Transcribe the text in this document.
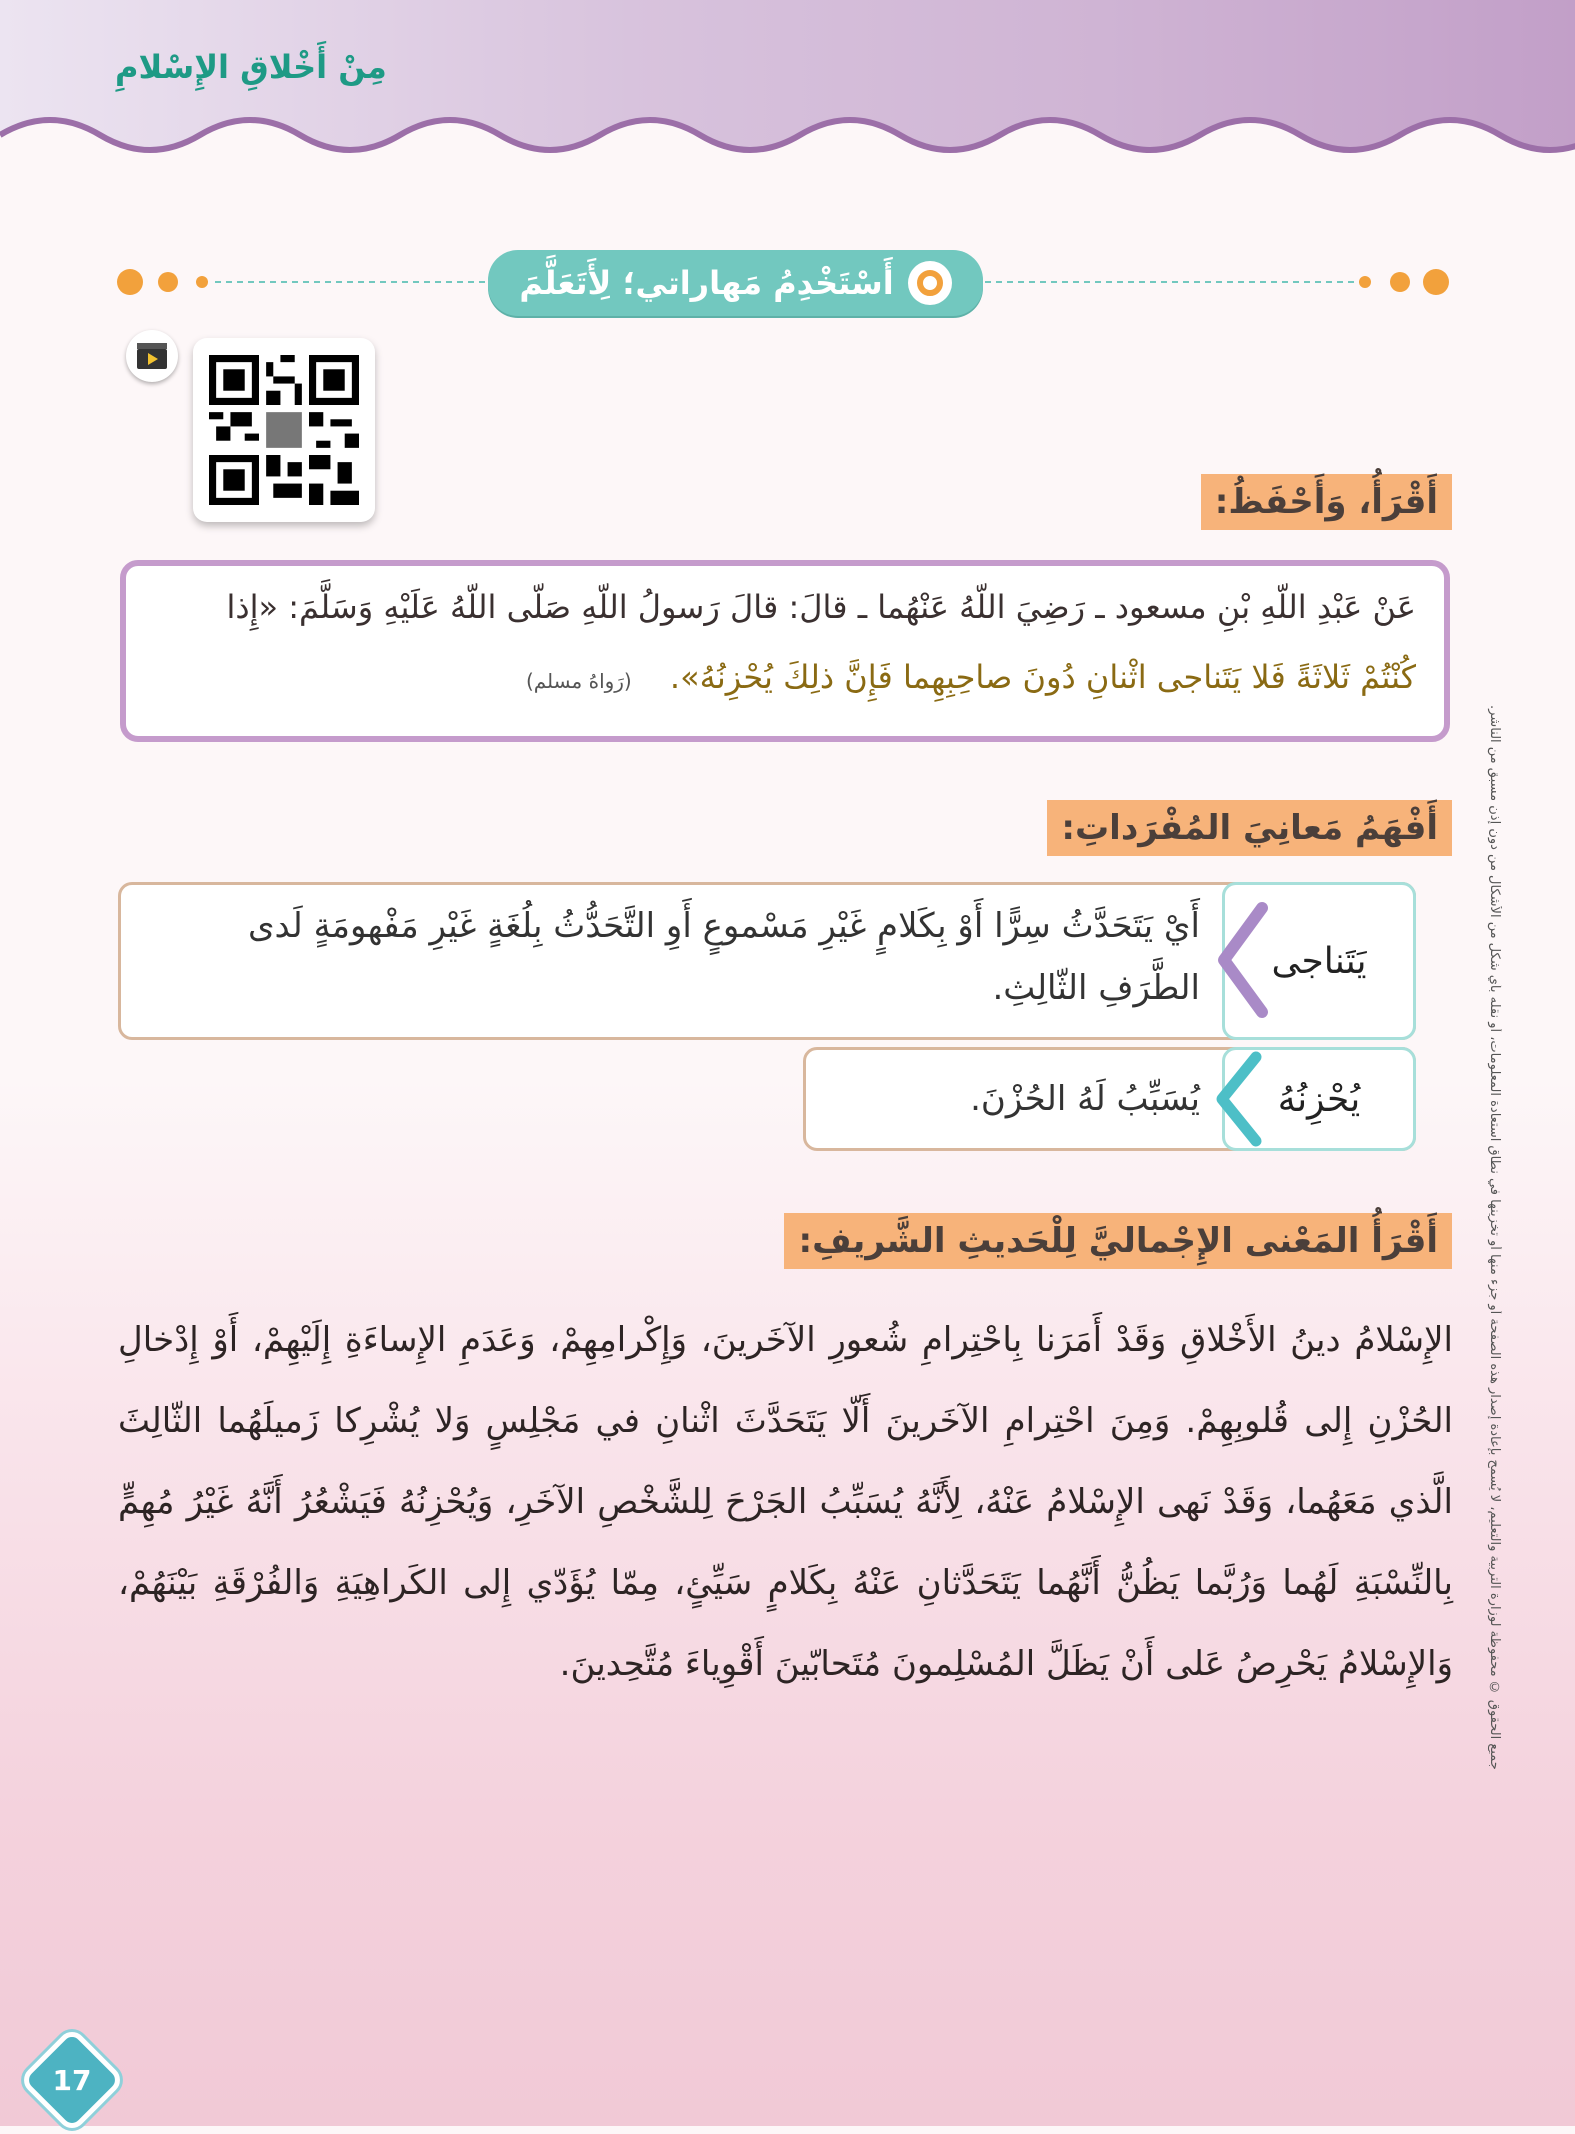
مِنْ أَخْلاقِ الإِسْلامِ
جميع الحقوق © محفوظة لوزارة التربية والتعليم، لا يُسمح بإعادة إصدار هذه الصفحة أو جزء منها أو تخزينها في نطاق استعادة المعلومات، أو نقله بأي شكل من الأشكال من دون إذن مسبق من الناشر.
أَسْتَخْدِمُ مَهاراتي؛ لِأَتَعَلَّمَ
أَقْرَأُ، وَأَحْفَظُ:
عَنْ عَبْدِ اللّهِ بْنِ مسعود ـ رَضِيَ اللّهُ عَنْهُما ـ قالَ: قالَ رَسولُ اللّهِ صَلّى اللّهُ عَلَيْهِ وَسَلَّمَ: «إِذا
كُنْتُمْ ثَلاثَةً فَلا يَتَناجى اثْنانِ دُونَ صاحِبِهِما فَإِنَّ ذلِكَ يُحْزِنُهُ». (رَواهُ مسلم)
أَفْهَمُ مَعانِيَ المُفْرَداتِ:
يَتَناجى
أَيْ يَتَحَدَّثُ سِرًّا أَوْ بِكَلامٍ غَيْرِ مَسْموعٍ أَوِ التَّحَدُّثُ بِلُغَةٍ غَيْرِ مَفْهومَةٍ لَدى الطَّرَفِ الثّالِثِ.
يُحْزِنُهُ
يُسَبِّبُ لَهُ الحُزْنَ.
أَقْرَأُ المَعْنى الإِجْماليَّ لِلْحَديثِ الشَّريفِ:
الإِسْلامُ دينُ الأَخْلاقِ وَقَدْ أَمَرَنا بِاحْتِرامِ شُعورِ الآخَرينَ، وَإِكْرامِهِمْ، وَعَدَمِ الإِساءَةِ إِلَيْهِمْ، أَوْ إِدْخالِ الحُزْنِ إِلى قُلوبِهِمْ. وَمِنَ احْتِرامِ الآخَرينَ أَلّا يَتَحَدَّثَ اثْنانِ في مَجْلِسٍ وَلا يُشْرِكا زَميلَهُما الثّالِثَ الَّذي مَعَهُما، وَقَدْ نَهى الإِسْلامُ عَنْهُ، لِأَنَّهُ يُسَبِّبُ الجَرْحَ لِلشَّخْصِ الآخَرِ، وَيُحْزِنُهُ فَيَشْعُرُ أَنَّهُ غَيْرُ مُهِمٍّ بِالنِّسْبَةِ لَهُما وَرُبَّما يَظُنُّ أَنَّهُما يَتَحَدَّثانِ عَنْهُ بِكَلامٍ سَيِّئٍ، مِمّا يُؤَدّي إِلى الكَراهِيَةِ وَالفُرْقَةِ بَيْنَهُمْ، وَالإِسْلامُ يَحْرِصُ عَلى أَنْ يَظَلَّ المُسْلِمونَ مُتَحابّينَ أَقْوِياءَ مُتَّحِدينَ.
17
